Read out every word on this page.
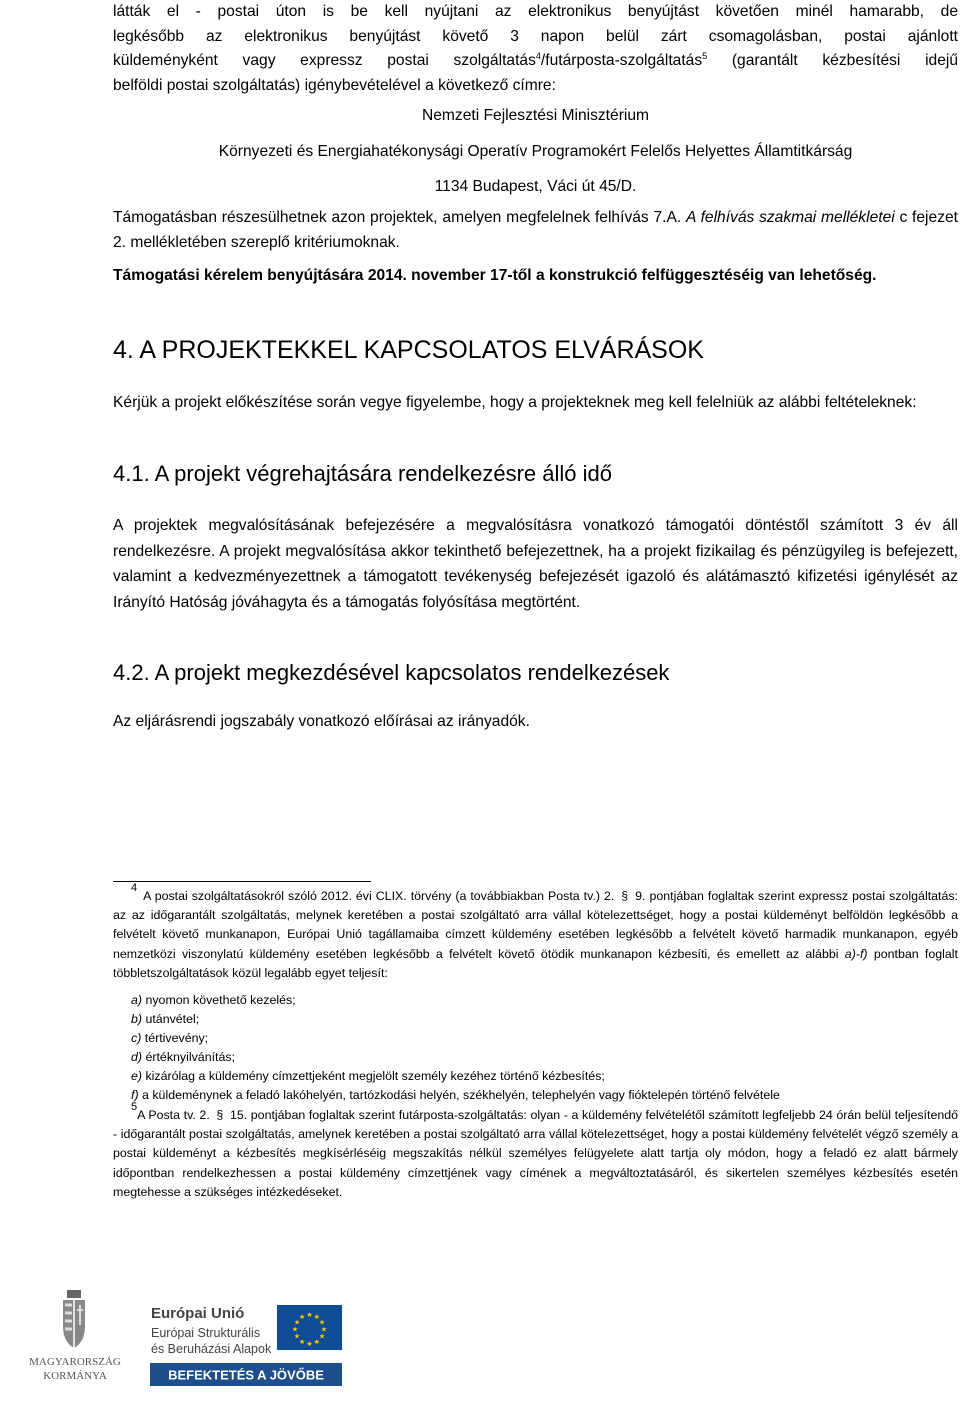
látták el - postai úton is be kell nyújtani az elektronikus benyújtást követően minél hamarabb, de
legkésőbb az elektronikus benyújtást követő 3 napon belül zárt csomagolásban, postai ajánlott
küldeményként vagy expressz postai szolgáltatás$^4$/futárposta-szolgáltatás$^5$ (garantált kézbesítési idejű
belföldi postai szolgáltatás) igénybevételével a következő címre:
Nemzeti Fejlesztési Minisztérium
Környezeti és Energiahatékonysági Operatív Programokért Felelős Helyettes Államtitkárság
1134 Budapest, Váci út 45/D.
Támogatásban részesülhetnek azon projektek, amelyen megfelelnek felhívás 7.A. A felhívás szakmai mellékletei c fejezet 2. mellékletében szereplő kritériumoknak.
Támogatási kérelem benyújtására 2014. november 17-től a konstrukció felfüggesztéséig van lehetőség.
4. A PROJEKTEKKEL KAPCSOLATOS ELVÁRÁSOK
Kérjük a projekt előkészítése során vegye figyelembe, hogy a projekteknek meg kell felelniük az alábbi feltételeknek:
4.1. A projekt végrehajtására rendelkezésre álló idő
A projektek megvalósításának befejezésére a megvalósításra vonatkozó támogatói döntéstől számított 3 év áll rendelkezésre. A projekt megvalósítása akkor tekinthető befejezettnek, ha a projekt fizikailag és pénzügyileg is befejezett, valamint a kedvezményezettnek a támogatott tevékenység befejezését igazoló és alátámasztó kifizetési igénylését az Irányító Hatóság jóváhagyta és a támogatás folyósítása megtörtént.
4.2. A projekt megkezdésével kapcsolatos rendelkezések
Az eljárásrendi jogszabály vonatkozó előírásai az irányadók.
$^4$A postai szolgáltatásokról szóló 2012. évi CLIX. törvény (a továbbiakban Posta tv.) 2. § 9. pontjában foglaltak szerint expressz postai szolgáltatás: az az időgarantált szolgáltatás, melynek keretében a postai szolgáltató arra vállal kötelezettséget, hogy a postai küldeményt belföldön legkésőbb a felvételt követő munkanapon, Európai Unió tagállamaiba címzett küldemény esetében legkésőbb a felvételt követő harmadik munkanapon, egyéb nemzetközi viszonylatú küldemény esetében legkésőbb a felvételt követő ötödik munkanapon kézbesíti, és emellett az alábbi a)-f) pontban foglalt többletszolgáltatások közül legalább egyet teljesít:
a) nyomon követhető kezelés;
b) utánvétel;
c) tértivevény;
d) értéknyilvánítás;
e) kizárólag a küldemény címzettjeként megjelölt személy kezéhez történő kézbesítés;
f) a küldeménynek a feladó lakóhelyén, tartózkodási helyén, székhelyén, telephelyén vagy fióktelepén történő felvétele
$^5$A Posta tv. 2. § 15. pontjában foglaltak szerint futárposta-szolgáltatás: olyan - a küldemény felvételétől számított legfeljebb 24 órán belül teljesítendő - időgarantált postai szolgáltatás, amelynek keretében a postai szolgáltató arra vállal kötelezettséget, hogy a postai küldemény felvételét végző személy a postai küldeményt a kézbesítés megkísérléséig megszakítás nélkül személyes felügyelete alatt tartja oly módon, hogy a feladó ez alatt bármely időpontban rendelkezhessen a postai küldemény címzettjének vagy címének a megváltoztatásáról, és sikertelen személyes kézbesítés esetén megtehesse a szükséges intézkedéseket.
MAGYARORSZÁG
KORMÁNYA
Európai Unió
Európai Strukturális
és Beruházási Alapok
★ ★
★
★
★
★
★
★
★
★
★
★
BEFEKTETÉS A JÖVŐBE
